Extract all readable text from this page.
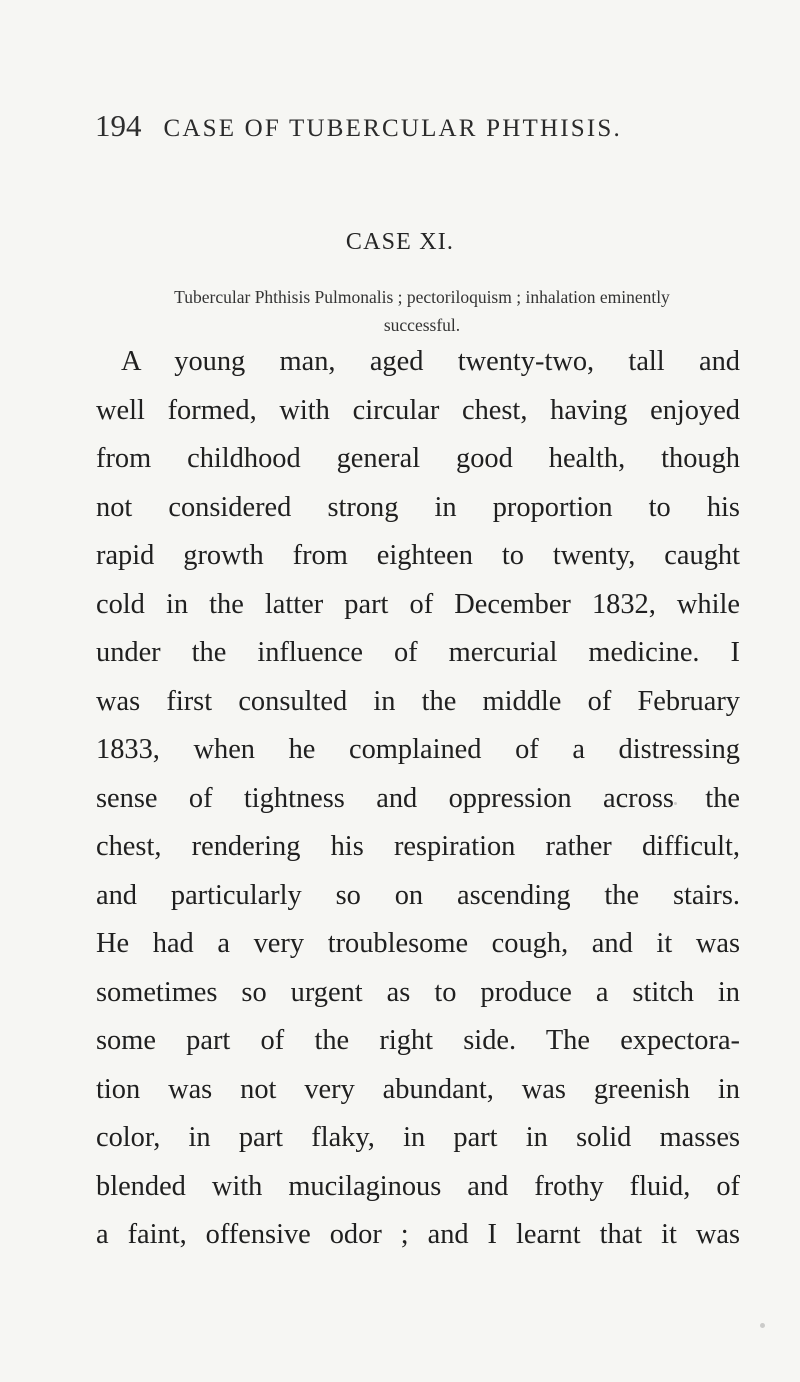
194 CASE OF TUBERCULAR PHTHISIS.
CASE XI.
Tubercular Phthisis Pulmonalis ; pectoriloquism ; inhalation eminently
successful.
A young man, aged twenty-two, tall and
well formed, with circular chest, having enjoyed
from childhood general good health, though
not considered strong in proportion to his
rapid growth from eighteen to twenty, caught
cold in the latter part of December 1832, while
under the influence of mercurial medicine. I
was first consulted in the middle of February
1833, when he complained of a distressing
sense of tightness and oppression across the
chest, rendering his respiration rather difficult,
and particularly so on ascending the stairs.
He had a very troublesome cough, and it was
sometimes so urgent as to produce a stitch in
some part of the right side. The expectora-
tion was not very abundant, was greenish in
color, in part flaky, in part in solid masses
blended with mucilaginous and frothy fluid, of
a faint, offensive odor ; and I learnt that it was
